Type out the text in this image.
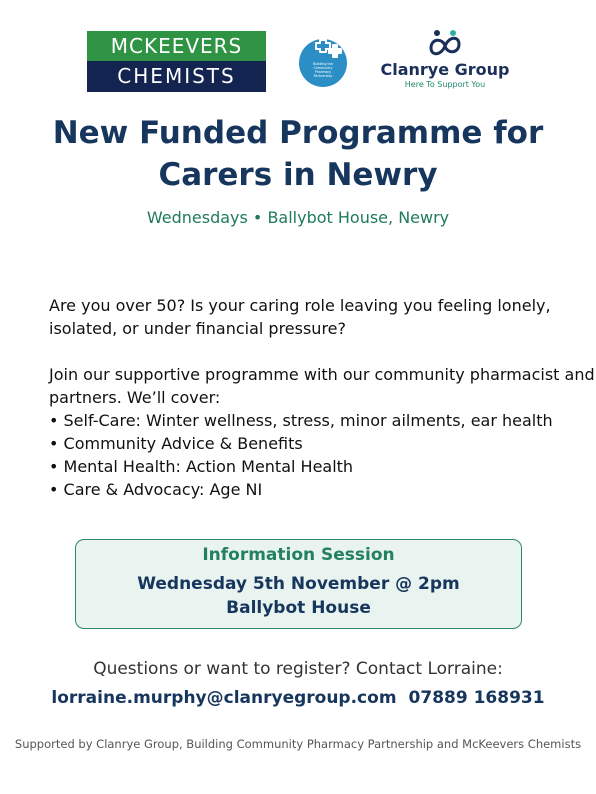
MCKEEVERS
CHEMISTS	Building the
Community
Pharmacy
Partnership	Clanrye Group
Here To Support You
New Funded Programme for Carers in Newry
Wednesdays • Ballybot House, Newry

Are you over 50? Is your caring role leaving you feeling lonely, isolated, or under financial pressure?

Join our supportive programme with our community pharmacist and partners. We’ll cover:

• Self-Care: Winter wellness, stress, minor ailments, ear health
• Community Advice & Benefits
• Mental Health: Action Mental Health
• Care & Advocacy: Age NI
Information Session
Wednesday 5th November @ 2pm
Ballybot House
Questions or want to register? Contact Lorraine:
lorraine.murphy@clanryegroup.com 07889 168931
Supported by Clanrye Group, Building Community Pharmacy Partnership and McKeevers Chemists
